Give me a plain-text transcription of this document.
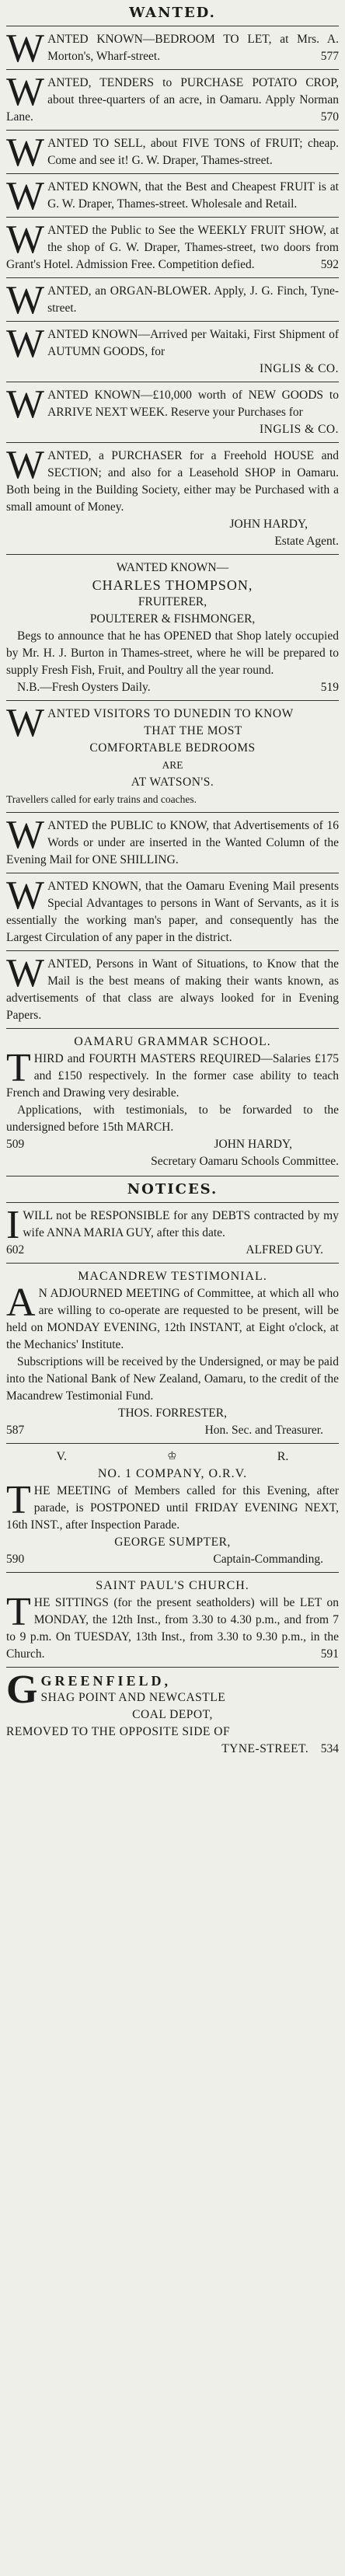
WANTED.
W ANTED KNOWN—BEDROOM TO LET, at Mrs. A. Morton's, Wharf-street.	577

W ANTED, TENDERS to PURCHASE POTATO CROP, about three-quarters of an acre, in Oamaru. Apply Norman Lane.	570

W ANTED TO SELL, about FIVE TONS of FRUIT; cheap. Come and see it! G. W. Draper, Thames-street.

W ANTED KNOWN, that the Best and Cheapest FRUIT is at G. W. Draper, Thames-street. Wholesale and Retail.

W ANTED the Public to See the WEEKLY FRUIT SHOW, at the shop of G. W. Draper, Thames-street, two doors from Grant's Hotel. Admission Free. Competition defied.	592

W ANTED, an ORGAN-BLOWER. Apply, J. G. Finch, Tyne-street.

W ANTED KNOWN—Arrived per Waitaki, First Shipment of AUTUMN GOODS, for

INGLIS & CO.

W ANTED KNOWN—£10,000 worth of NEW GOODS to ARRIVE NEXT WEEK. Reserve your Purchases for

INGLIS & CO.

W ANTED, a PURCHASER for a Freehold HOUSE and SECTION; and also for a Leasehold SHOP in Oamaru. Both being in the Building Society, either may be Purchased with a small amount of Money.

JOHN HARDY,

Estate Agent.

WANTED KNOWN—

CHARLES THOMPSON,

FRUITERER,

POULTERER & FISHMONGER,

Begs to announce that he has OPENED that Shop lately occupied by Mr. H. J. Burton in Thames-street, where he will be prepared to supply Fresh Fish, Fruit, and Poultry all the year round.

N.B.—Fresh Oysters Daily.	519

W ANTED VISITORS TO DUNEDIN TO KNOW

THAT THE MOST

COMFORTABLE BEDROOMS

ARE

AT WATSON'S.

Travellers called for early trains and coaches.

W ANTED the PUBLIC to KNOW, that Advertisements of 16 Words or under are inserted in the Wanted Column of the Evening Mail for ONE SHILLING.

W ANTED KNOWN, that the Oamaru Evening Mail presents Special Advantages to persons in Want of Servants, as it is essentially the working man's paper, and consequently has the Largest Circulation of any paper in the district.

W ANTED, Persons in Want of Situations, to Know that the Mail is the best means of making their wants known, as advertisements of that class are always looked for in Evening Papers.

OAMARU GRAMMAR SCHOOL.

T HIRD and FOURTH MASTERS REQUIRED—Salaries £175 and £150 respectively. In the former case ability to teach French and Drawing very desirable.

Applications, with testimonials, to be forwarded to the undersigned before 15th MARCH.

509	JOHN HARDY,

Secretary Oamaru Schools Committee.

NOTICES.
I WILL not be RESPONSIBLE for any DEBTS contracted by my wife ANNA MARIA GUY, after this date.

602	ALFRED GUY.

MACANDREW TESTIMONIAL.

A N ADJOURNED MEETING of Committee, at which all who are willing to co-operate are requested to be present, will be held on MONDAY EVENING, 12th INSTANT, at Eight o'clock, at the Mechanics' Institute.

Subscriptions will be received by the Undersigned, or may be paid into the National Bank of New Zealand, Oamaru, to the credit of the Macandrew Testimonial Fund.

THOS. FORRESTER,

587	Hon. Sec. and Treasurer.

V.	♔	R.

NO. 1 COMPANY, O.R.V.

T HE MEETING of Members called for this Evening, after parade, is POSTPONED until FRIDAY EVENING NEXT, 16th INST., after Inspection Parade.

GEORGE SUMPTER,

590	Captain-Commanding.

SAINT PAUL'S CHURCH.

T HE SITTINGS (for the present seatholders) will be LET on MONDAY, the 12th Inst., from 3.30 to 4.30 p.m., and from 7 to 9 p.m. On TUESDAY, 13th Inst., from 3.30 to 9.30 p.m., in the Church.	591

G GREENFIELD,

SHAG POINT AND NEWCASTLE

COAL DEPOT,

REMOVED TO THE OPPOSITE SIDE OF

TYNE-STREET. 534
